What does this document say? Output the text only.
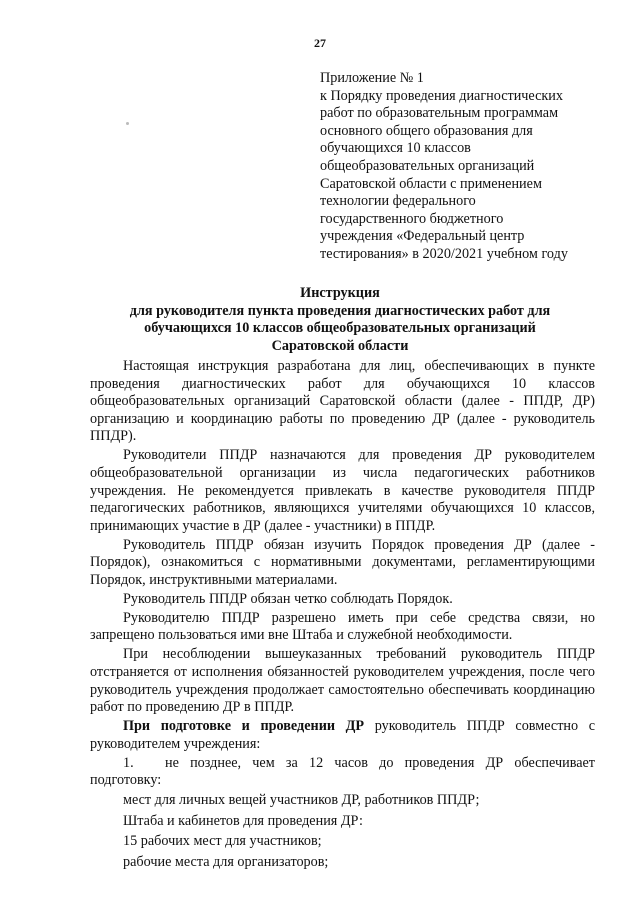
27
Приложение № 1
к Порядку проведения диагностических
работ по образовательным программам
основного общего образования для
обучающихся 10 классов
общеобразовательных организаций
Саратовской области с применением
технологии федерального
государственного бюджетного
учреждения «Федеральный центр
тестирования» в 2020/2021 учебном году
Инструкция
для руководителя пункта проведения диагностических работ для
обучающихся 10 классов общеобразовательных организаций
Саратовской области

Настоящая инструкция разработана для лиц, обеспечивающих в пункте проведения диагностических работ для обучающихся 10 классов общеобразовательных организаций Саратовской области (далее - ППДР, ДР) организацию и координацию работы по проведению ДР (далее - руководитель ППДР).

Руководители ППДР назначаются для проведения ДР руководителем общеобразовательной организации из числа педагогических работников учреждения. Не рекомендуется привлекать в качестве руководителя ППДР педагогических работников, являющихся учителями обучающихся 10 классов, принимающих участие в ДР (далее - участники) в ППДР.

Руководитель ППДР обязан изучить Порядок проведения ДР (далее - Порядок), ознакомиться с нормативными документами, регламентирующими Порядок, инструктивными материалами.

Руководитель ППДР обязан четко соблюдать Порядок.

Руководителю ППДР разрешено иметь при себе средства связи, но запрещено пользоваться ими вне Штаба и служебной необходимости.

При несоблюдении вышеуказанных требований руководитель ППДР отстраняется от исполнения обязанностей руководителем учреждения, после чего руководитель учреждения продолжает самостоятельно обеспечивать координацию работ по проведению ДР в ППДР.

При подготовке и проведении ДР руководитель ППДР совместно с руководителем учреждения:

1. не позднее, чем за 12 часов до проведения ДР обеспечивает подготовку:

мест для личных вещей участников ДР, работников ППДР;

Штаба и кабинетов для проведения ДР:

15 рабочих мест для участников;

рабочие места для организаторов;
